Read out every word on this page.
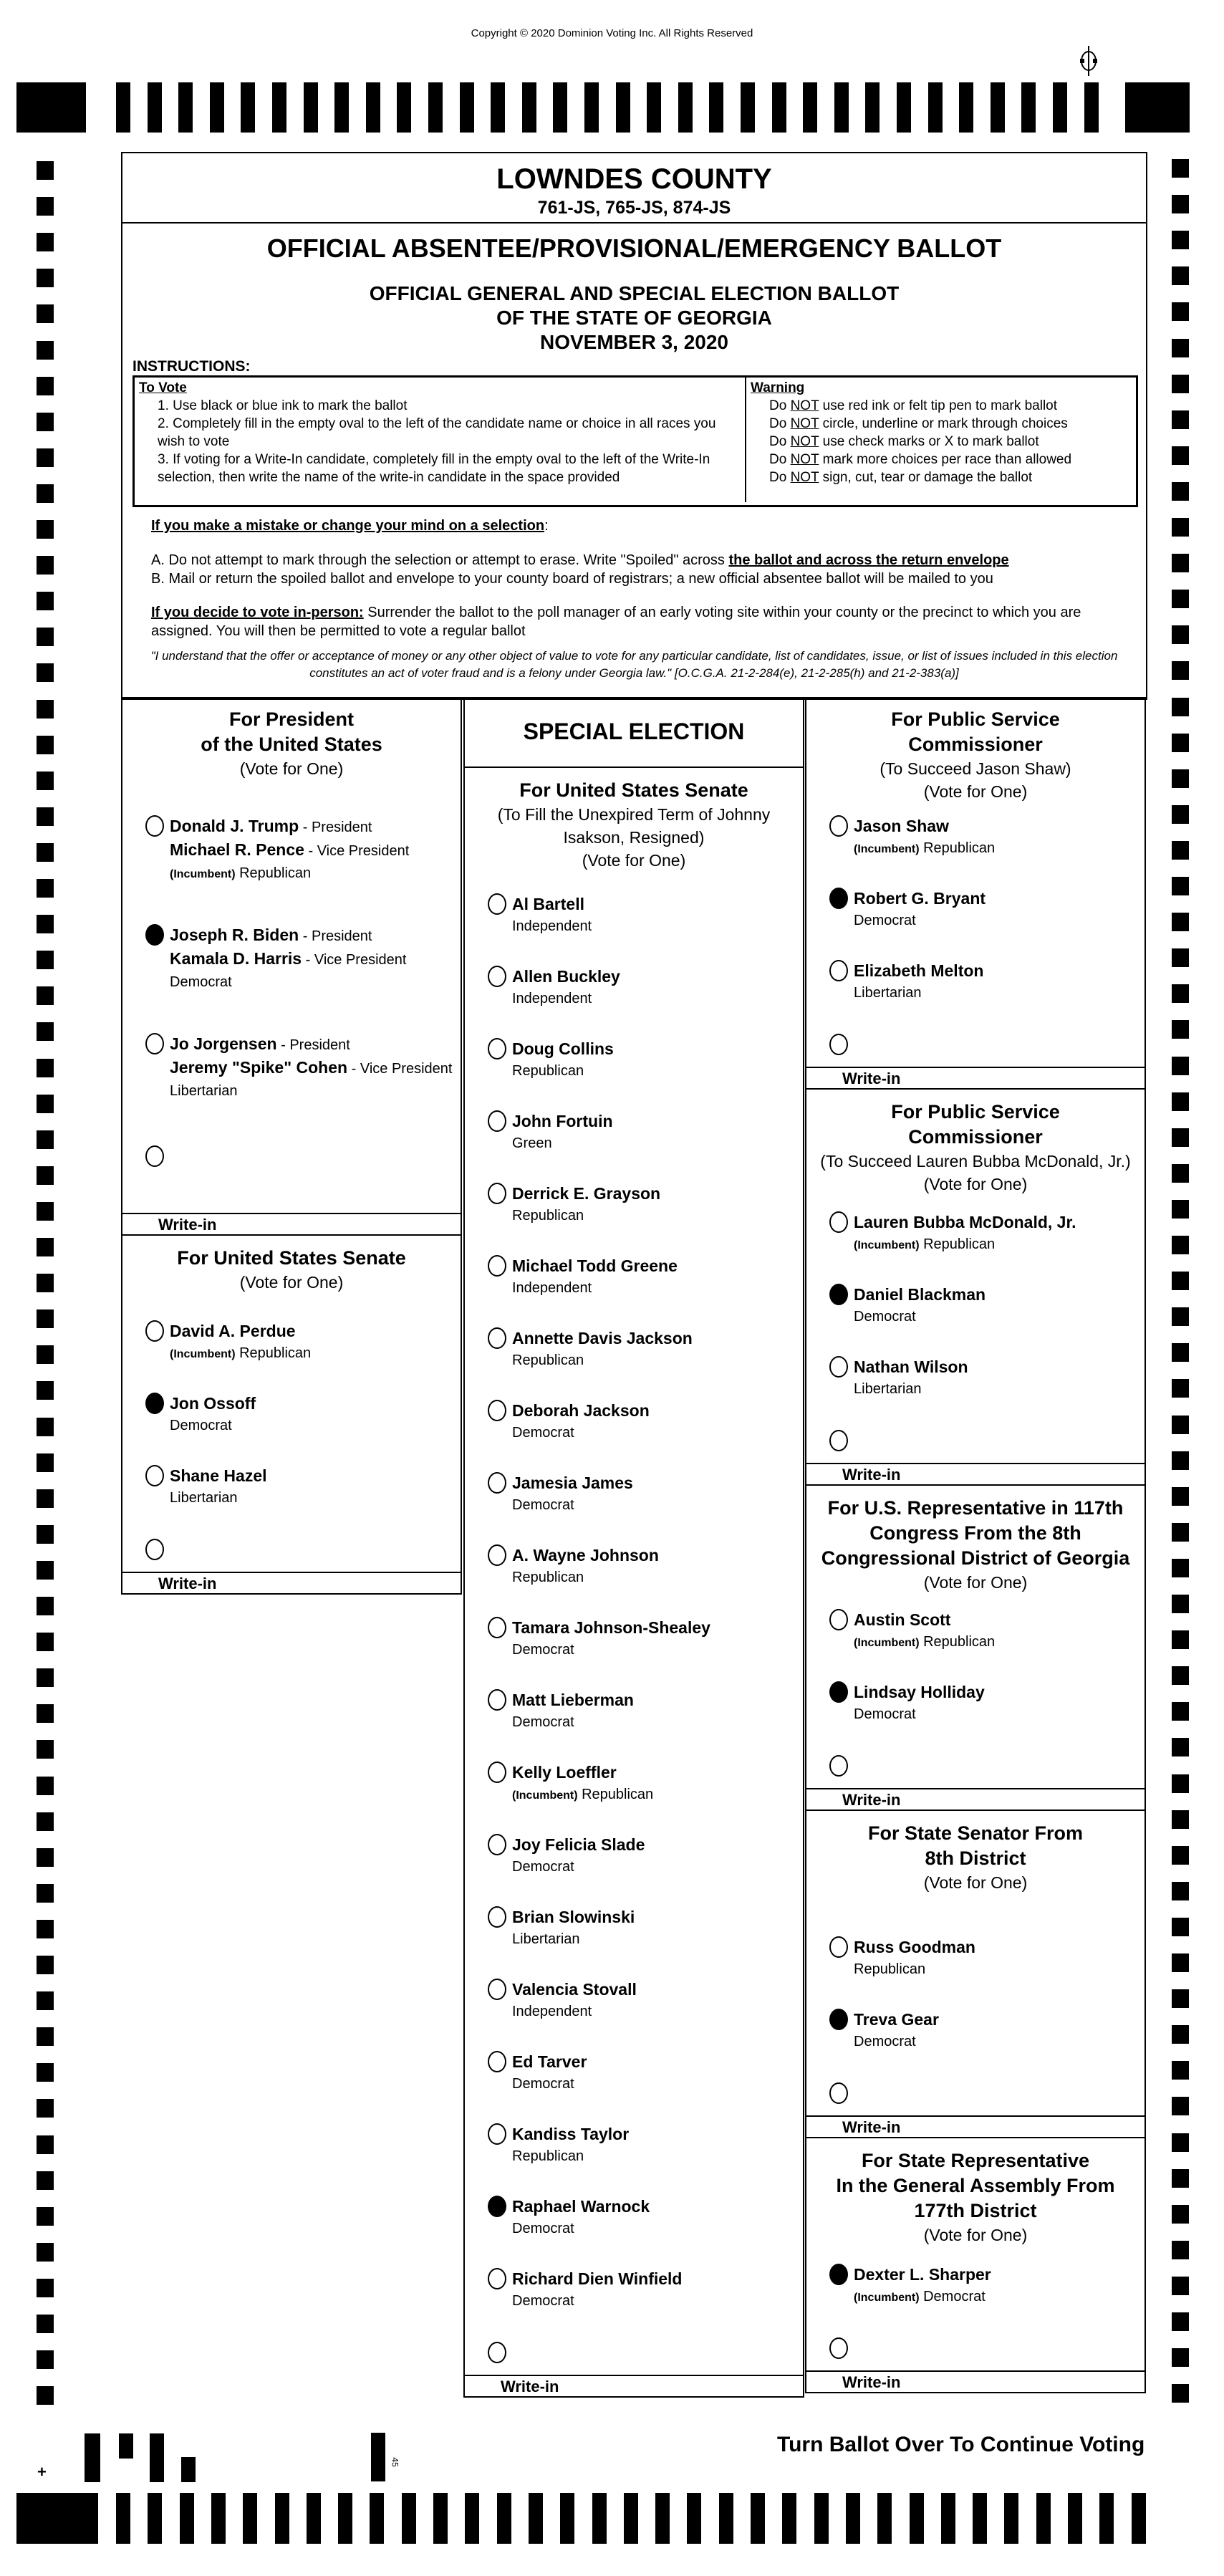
Copyright © 2020 Dominion Voting Inc. All Rights Reserved
LOWNDES COUNTY
761-JS, 765-JS, 874-JS
OFFICIAL ABSENTEE/PROVISIONAL/EMERGENCY BALLOT
OFFICIAL GENERAL AND SPECIAL ELECTION BALLOT
OF THE STATE OF GEORGIA
NOVEMBER 3, 2020
INSTRUCTIONS:
To Vote
1. Use black or blue ink to mark the ballot
2. Completely fill in the empty oval to the left of the candidate name or choice in all races you wish to vote
3. If voting for a Write-In candidate, completely fill in the empty oval to the left of the Write-In selection, then write the name of the write-in candidate in the space provided
Warning
Do NOT use red ink or felt tip pen to mark ballot
Do NOT circle, underline or mark through choices
Do NOT use check marks or X to mark ballot
Do NOT mark more choices per race than allowed
Do NOT sign, cut, tear or damage the ballot
If you make a mistake or change your mind on a selection:
A. Do not attempt to mark through the selection or attempt to erase. Write "Spoiled" across the ballot and across the return envelope
B. Mail or return the spoiled ballot and envelope to your county board of registrars; a new official absentee ballot will be mailed to you
If you decide to vote in-person: Surrender the ballot to the poll manager of an early voting site within your county or the precinct to which you are assigned. You will then be permitted to vote a regular ballot
"I understand that the offer or acceptance of money or any other object of value to vote for any particular candidate, list of candidates, issue, or list of issues included in this election constitutes an act of voter fraud and is a felony under Georgia law." [O.C.G.A. 21-2-284(e), 21-2-285(h) and 21-2-383(a)]
For President
of the United States
(Vote for One)
Donald J. Trump - President
Michael R. Pence - Vice President
(Incumbent) Republican
Joseph R. Biden - President
Kamala D. Harris - Vice President
Democrat
Jo Jorgensen - President
Jeremy "Spike" Cohen - Vice President
Libertarian
Write-in
For United States Senate
(Vote for One)
David A. Perdue
(Incumbent) Republican
Jon Ossoff
Democrat
Shane Hazel
Libertarian
Write-in
SPECIAL ELECTION
For United States Senate
(To Fill the Unexpired Term of Johnny
Isakson, Resigned)
(Vote for One)
Al Bartell
Independent
Allen Buckley
Independent
Doug Collins
Republican
John Fortuin
Green
Derrick E. Grayson
Republican
Michael Todd Greene
Independent
Annette Davis Jackson
Republican
Deborah Jackson
Democrat
Jamesia James
Democrat
A. Wayne Johnson
Republican
Tamara Johnson-Shealey
Democrat
Matt Lieberman
Democrat
Kelly Loeffler
(Incumbent) Republican
Joy Felicia Slade
Democrat
Brian Slowinski
Libertarian
Valencia Stovall
Independent
Ed Tarver
Democrat
Kandiss Taylor
Republican
Raphael Warnock
Democrat
Richard Dien Winfield
Democrat
Write-in
For Public Service
Commissioner
(To Succeed Jason Shaw)
(Vote for One)
Jason Shaw
(Incumbent) Republican
Robert G. Bryant
Democrat
Elizabeth Melton
Libertarian
Write-in
For Public Service
Commissioner
(To Succeed Lauren Bubba McDonald, Jr.)
(Vote for One)
Lauren Bubba McDonald, Jr.
(Incumbent) Republican
Daniel Blackman
Democrat
Nathan Wilson
Libertarian
Write-in
For U.S. Representative in 117th
Congress From the 8th
Congressional District of Georgia
(Vote for One)
Austin Scott
(Incumbent) Republican
Lindsay Holliday
Democrat
Write-in
For State Senator From
8th District
(Vote for One)
Russ Goodman
Republican
Treva Gear
Democrat
Write-in
For State Representative
In the General Assembly From
177th District
(Vote for One)
Dexter L. Sharper
(Incumbent) Democrat
Write-in
+
45
Turn Ballot Over To Continue Voting
